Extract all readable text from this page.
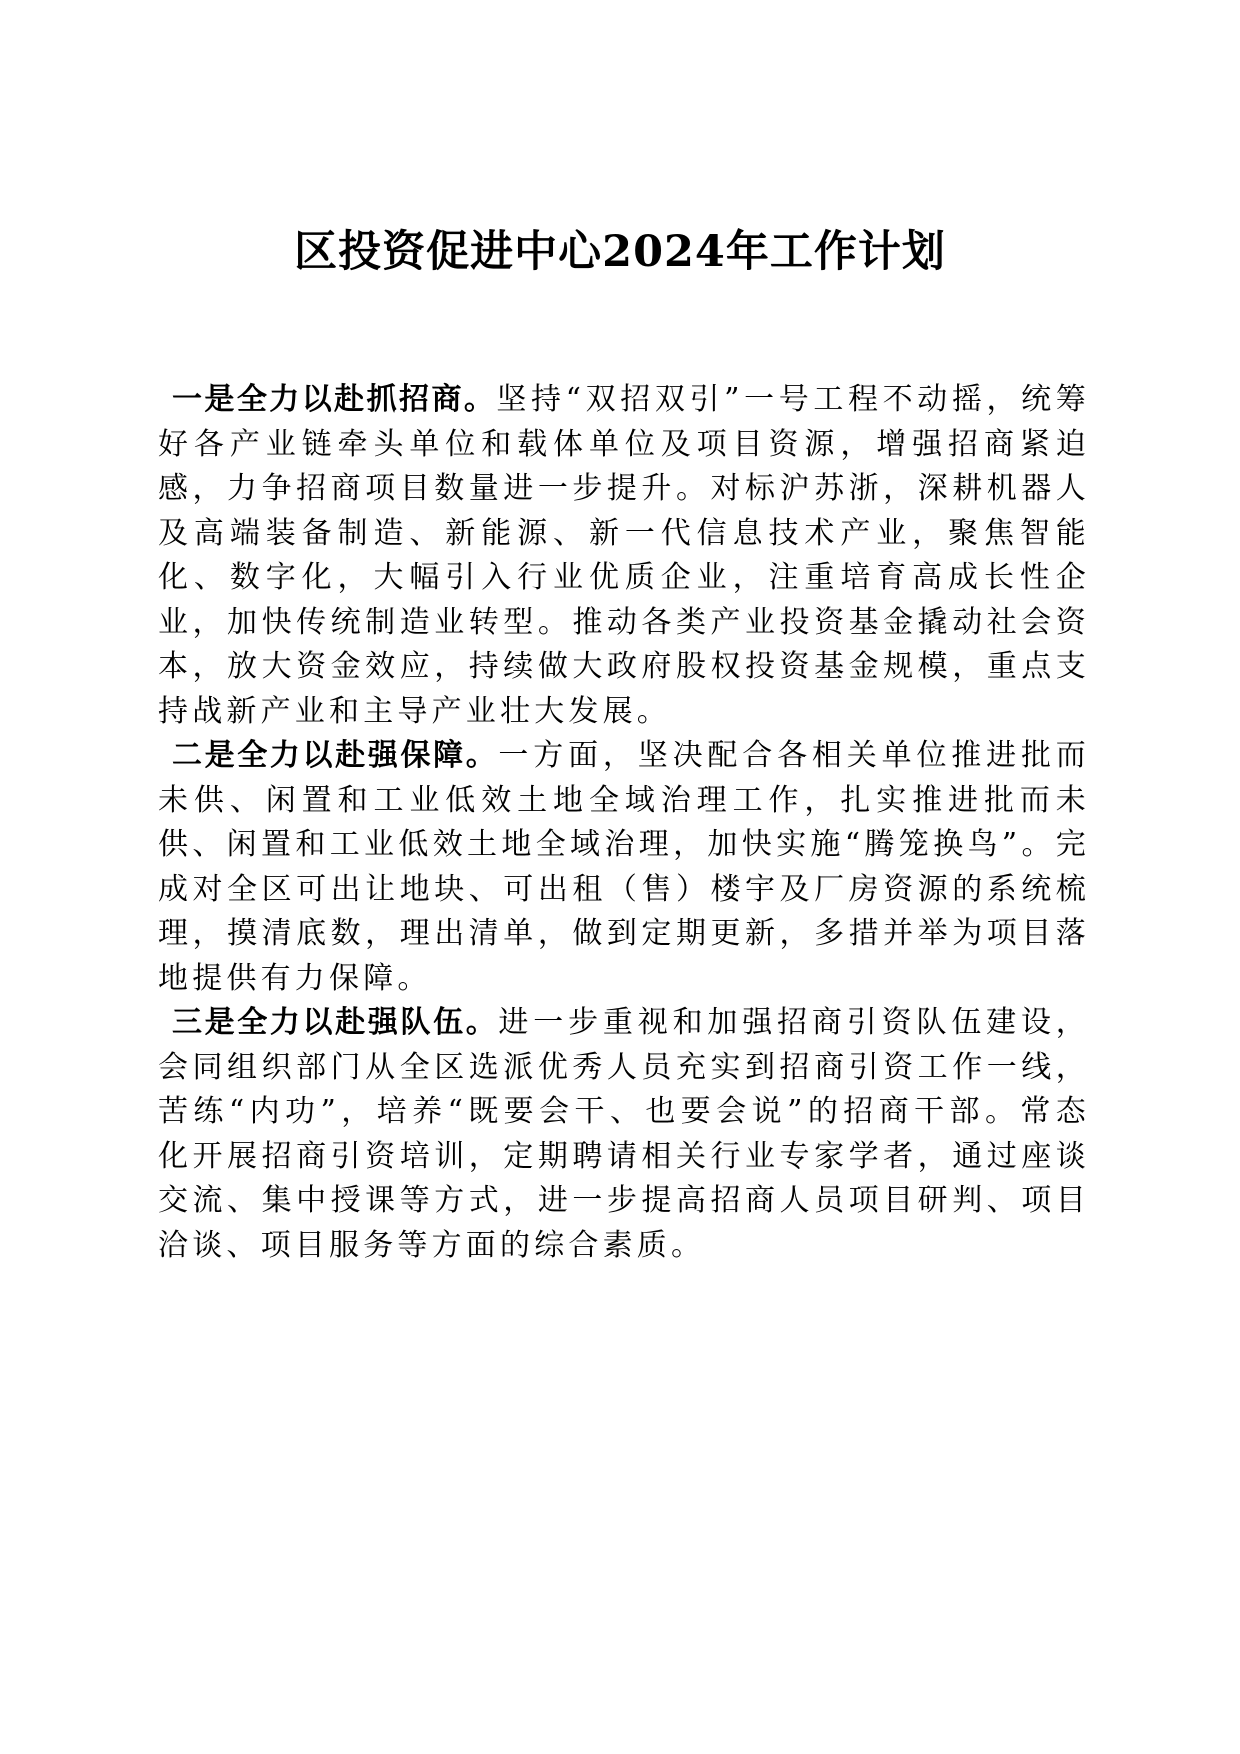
区投资促进中心2024年工作计划

一是全力以赴抓招商。坚持“双招双引”一号工程不动摇，统筹好各产业链牵头单位和载体单位及项目资源，增强招商紧迫感，力争招商项目数量进一步提升。对标沪苏浙，深耕机器人及高端装备制造、新能源、新一代信息技术产业，聚焦智能化、数字化，大幅引入行业优质企业，注重培育高成长性企业，加快传统制造业转型。推动各类产业投资基金撬动社会资本，放大资金效应，持续做大政府股权投资基金规模，重点支持战新产业和主导产业壮大发展。

二是全力以赴强保障。一方面，坚决配合各相关单位推进批而未供、闲置和工业低效土地全域治理工作，扎实推进批而未供、闲置和工业低效土地全域治理，加快实施“腾笼换鸟”。完成对全区可出让地块、可出租（售）楼宇及厂房资源的系统梳理，摸清底数，理出清单，做到定期更新，多措并举为项目落地提供有力保障。

三是全力以赴强队伍。进一步重视和加强招商引资队伍建设，会同组织部门从全区选派优秀人员充实到招商引资工作一线，苦练“内功”，培养“既要会干、也要会说”的招商干部。常态化开展招商引资培训，定期聘请相关行业专家学者，通过座谈交流、集中授课等方式，进一步提高招商人员项目研判、项目洽谈、项目服务等方面的综合素质。
